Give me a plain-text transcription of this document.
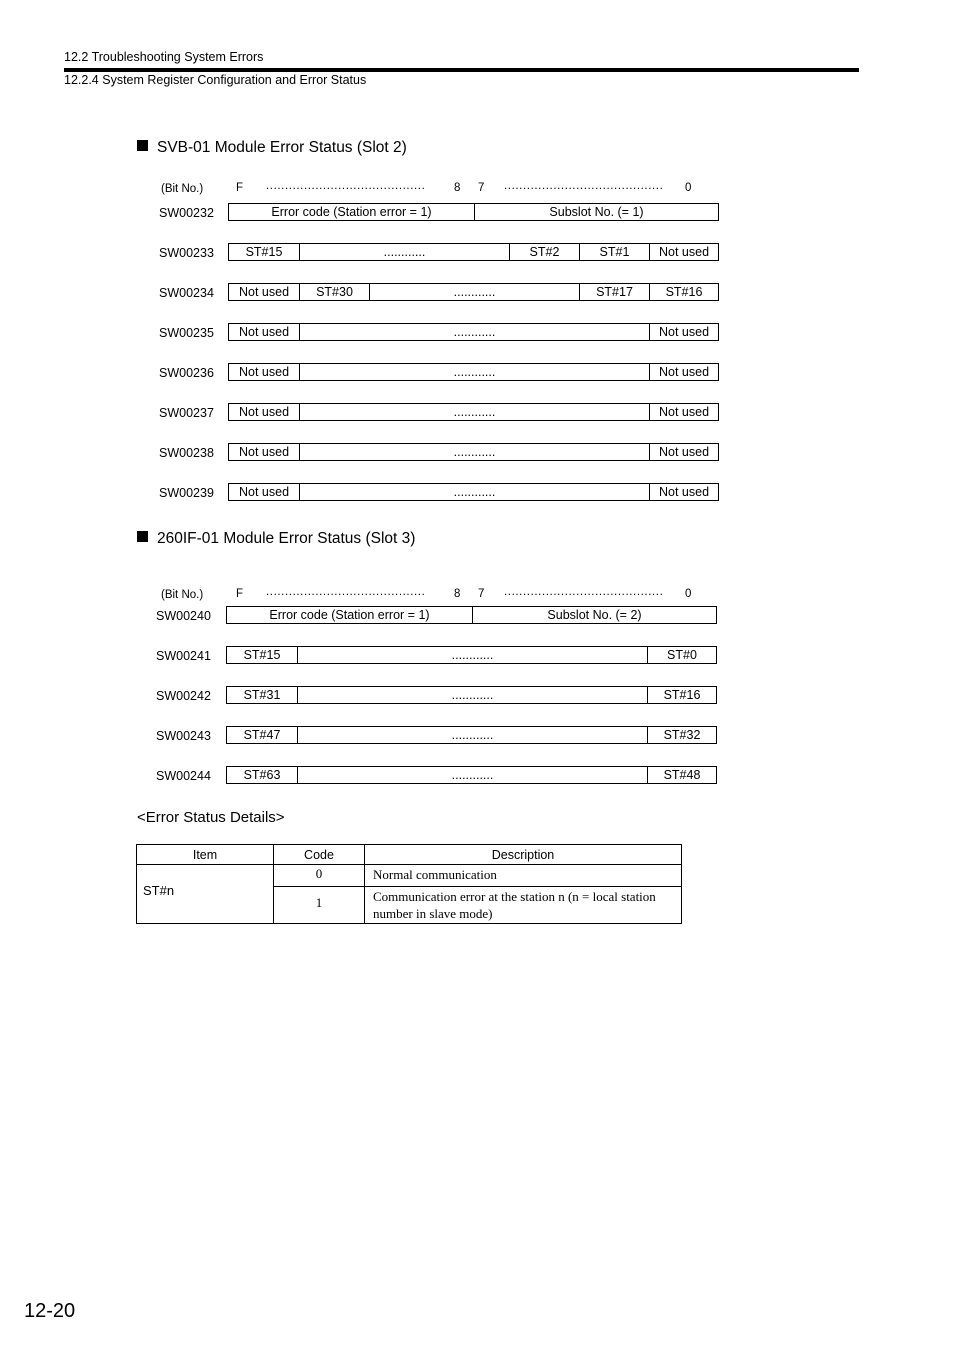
12.2 Troubleshooting System Errors
12.2.4 System Register Configuration and Error Status
SVB-01 Module Error Status (Slot 2)
(Bit No.)	F .......................................... 8 7 .......................................... 0
SW00232	Error code (Station error = 1)	Subslot No. (= 1)
SW00233	ST#15	............	ST#2	ST#1	Not used
SW00234	Not used	ST#30	............	ST#17	ST#16
SW00235	Not used	............	Not used
SW00236	Not used	............	Not used
SW00237	Not used	............	Not used
SW00238	Not used	............	Not used
SW00239	Not used	............	Not used
260IF-01 Module Error Status (Slot 3)
(Bit No.)	F .......................................... 8 7 .......................................... 0
SW00240	Error code (Station error = 1)	Subslot No. (= 2)
SW00241	ST#15	............	ST#0
SW00242	ST#31	............	ST#16
SW00243	ST#47	............	ST#32
SW00244	ST#63	............	ST#48
<Error Status Details>
Item	Code	Description
ST#n	0	Normal communication
	1	Communication error at the station n (n = local station number in slave mode)
12-20
